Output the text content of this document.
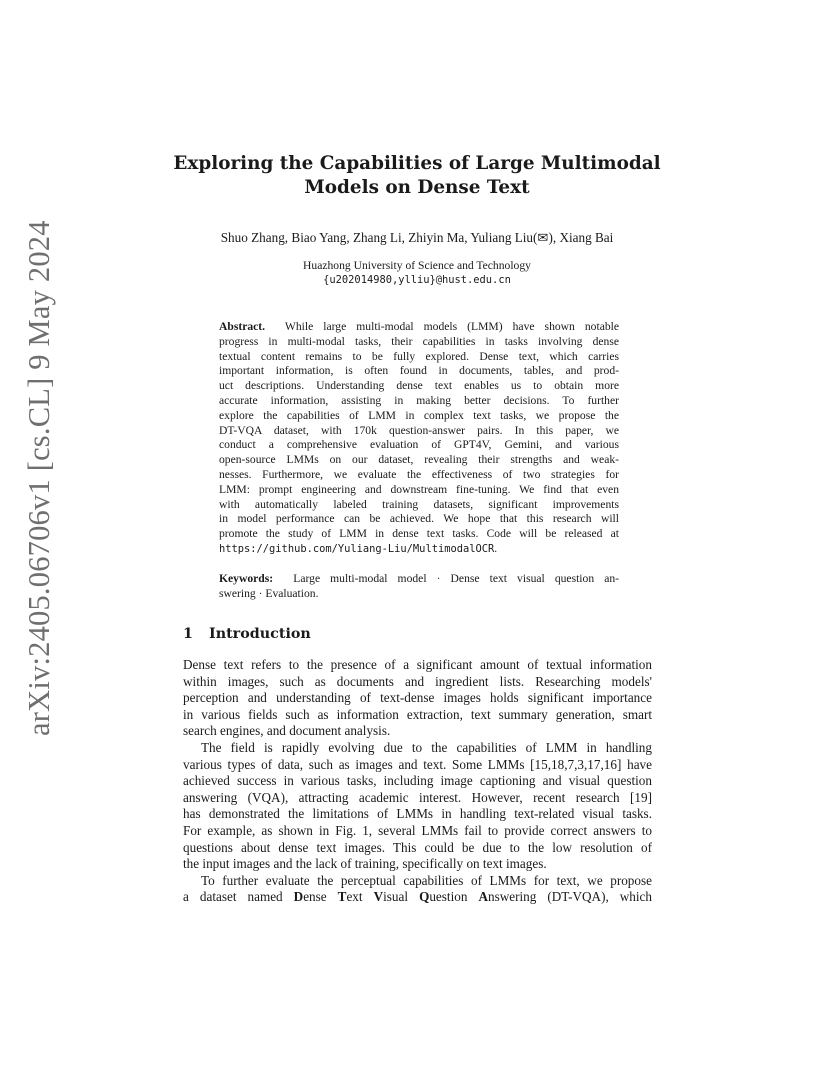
arXiv:2405.06706v1 [cs.CL] 9 May 2024
Exploring the Capabilities of Large Multimodal
Models on Dense Text
Shuo Zhang, Biao Yang, Zhang Li, Zhiyin Ma, Yuliang Liu(✉), Xiang Bai
Huazhong University of Science and Technology
{u202014980,ylliu}@hust.edu.cn
Abstract. While large multi-modal models (LMM) have shown notable
progress in multi-modal tasks, their capabilities in tasks involving dense
textual content remains to be fully explored. Dense text, which carries
important information, is often found in documents, tables, and prod-
uct descriptions. Understanding dense text enables us to obtain more
accurate information, assisting in making better decisions. To further
explore the capabilities of LMM in complex text tasks, we propose the
DT-VQA dataset, with 170k question-answer pairs. In this paper, we
conduct a comprehensive evaluation of GPT4V, Gemini, and various
open-source LMMs on our dataset, revealing their strengths and weak-
nesses. Furthermore, we evaluate the effectiveness of two strategies for
LMM: prompt engineering and downstream fine-tuning. We find that even
with automatically labeled training datasets, significant improvements
in model performance can be achieved. We hope that this research will
promote the study of LMM in dense text tasks. Code will be released at
https://github.com/Yuliang-Liu/MultimodalOCR.
Keywords: Large multi-modal model · Dense text visual question an-
swering · Evaluation.
1 Introduction
Dense text refers to the presence of a significant amount of textual information
within images, such as documents and ingredient lists. Researching models'
perception and understanding of text-dense images holds significant importance
in various fields such as information extraction, text summary generation, smart
search engines, and document analysis.
The field is rapidly evolving due to the capabilities of LMM in handling
various types of data, such as images and text. Some LMMs [15,18,7,3,17,16] have
achieved success in various tasks, including image captioning and visual question
answering (VQA), attracting academic interest. However, recent research [19]
has demonstrated the limitations of LMMs in handling text-related visual tasks.
For example, as shown in Fig. 1, several LMMs fail to provide correct answers to
questions about dense text images. This could be due to the low resolution of
the input images and the lack of training, specifically on text images.
To further evaluate the perceptual capabilities of LMMs for text, we propose
a dataset named Dense Text Visual Question Answering (DT-VQA), which
